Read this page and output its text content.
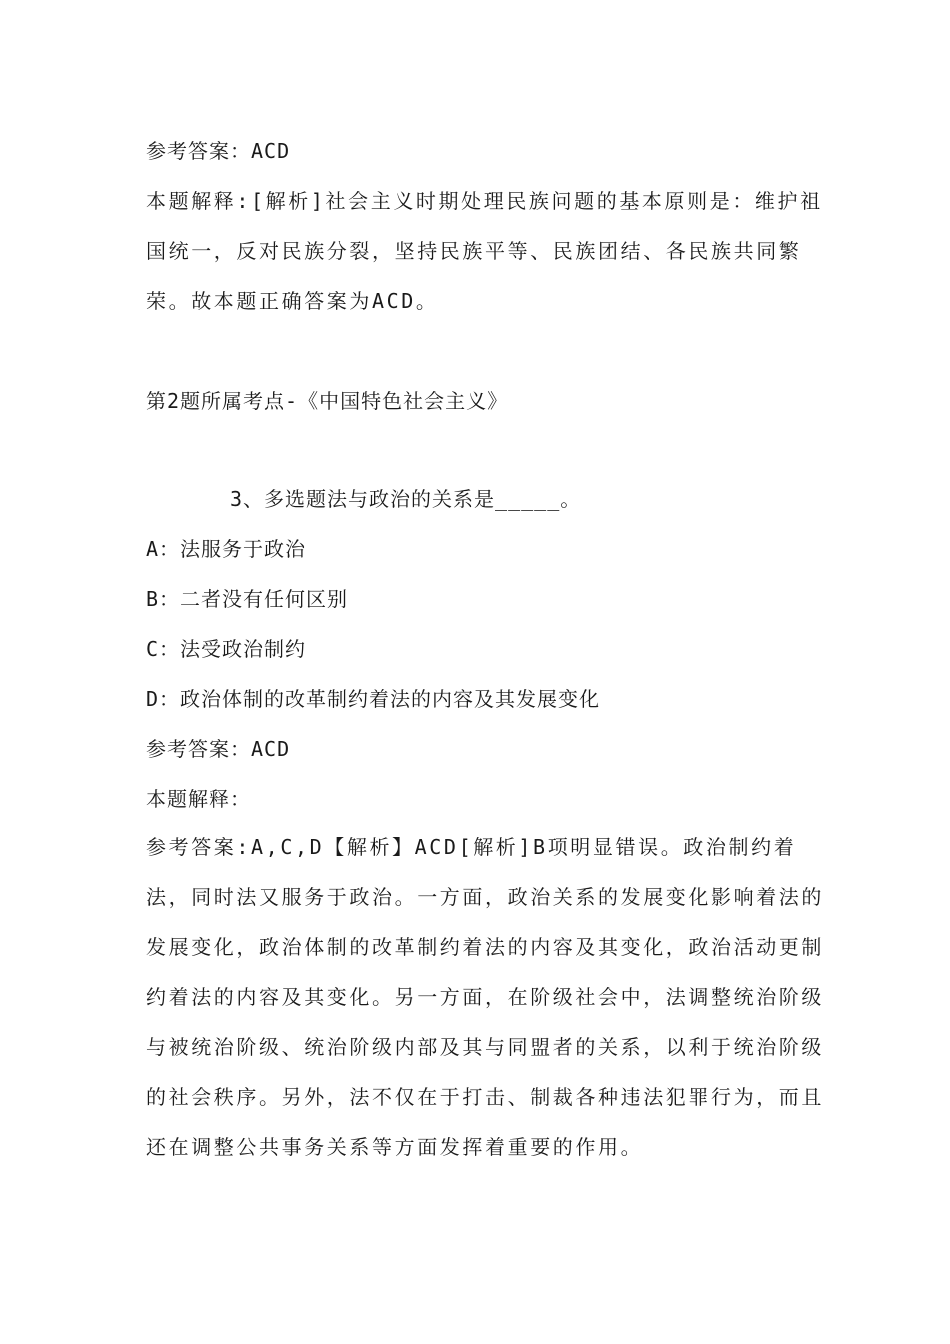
参考答案：ACD
本题解释:[解析]社会主义时期处理民族问题的基本原则是：维护祖国统一，反对民族分裂，坚持民族平等、民族团结、各民族共同繁荣。故本题正确答案为ACD。
第2题所属考点-《中国特色社会主义》
3、多选题法与政治的关系是_____。
A：法服务于政治
B：二者没有任何区别
C：法受政治制约
D：政治体制的改革制约着法的内容及其发展变化
参考答案：ACD
本题解释：
参考答案:A,C,D【解析】ACD[解析]B项明显错误。政治制约着法，同时法又服务于政治。一方面，政治关系的发展变化影响着法的发展变化，政治体制的改革制约着法的内容及其变化，政治活动更制约着法的内容及其变化。另一方面，在阶级社会中，法调整统治阶级与被统治阶级、统治阶级内部及其与同盟者的关系，以利于统治阶级的社会秩序。另外，法不仅在于打击、制裁各种违法犯罪行为，而且还在调整公共事务关系等方面发挥着重要的作用。
